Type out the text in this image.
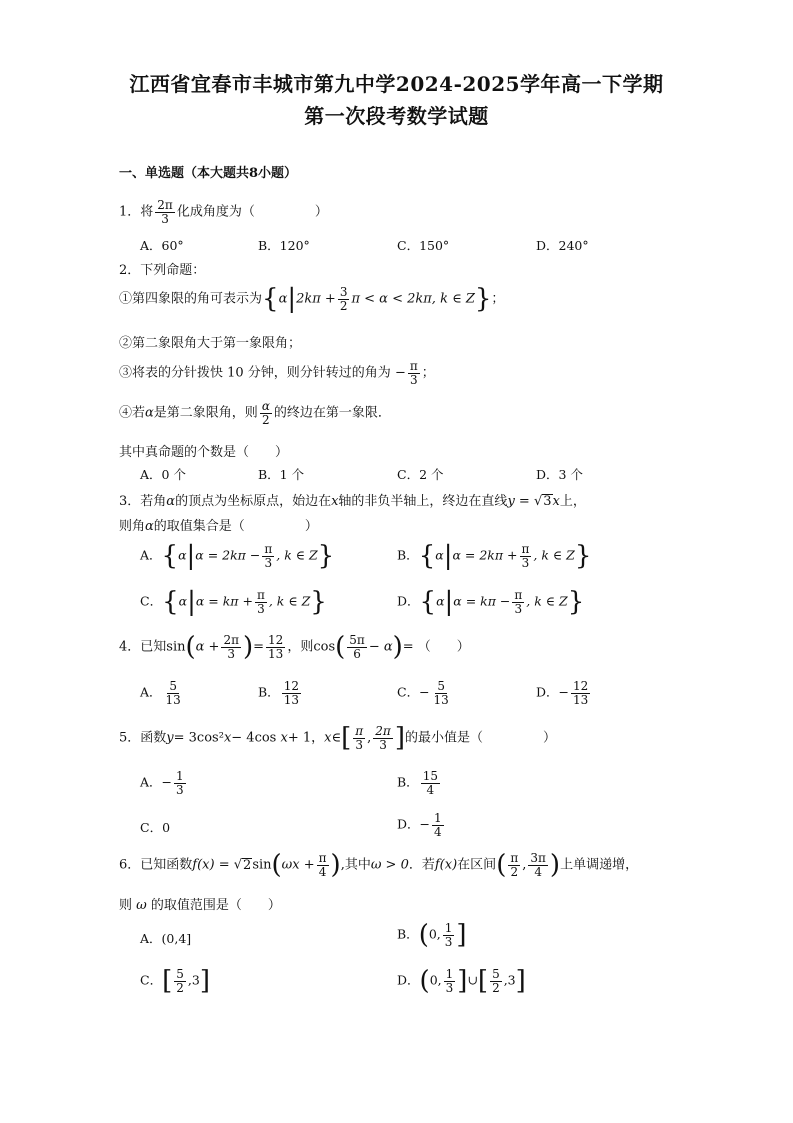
江西省宜春市丰城市第九中学2024-2025学年高一下学期
第一次段考数学试题
一、单选题（本大题共8小题）
1．将 $\frac{2\pi}{3}$ 化成角度为（	）
A．60°	B．120°	C．150°	D．240°
2．下列命题：
①第四象限的角可表示为{$\alpha|2k\pi + \frac{3}{2}$ π < α < 2kπ, k ∈ Z}；
②第二象限角大于第一象限角；
③将表的分针拨快 10 分钟，则分针转过的角为 − $\frac{\pi}{3}$ ；
④若α是第二象限角，则 $\frac{\alpha}{2}$ 的终边在第一象限．
其中真命题的个数是（　　）
A．0 个	B．1 个	C．2 个	D．3 个
3．若角α的顶点为坐标原点，始边在x轴的非负半轴上，终边在直线y = √3x上，
则角α的取值集合是（	）
A．{$\alpha|\alpha = 2k\pi - \frac{\pi}{3}$ , k ∈ Z}	B．{$\alpha|\alpha = 2k\pi + \frac{\pi}{3}$ , k ∈ Z}
C．{$\alpha|\alpha = k\pi + \frac{\pi}{3}$ , k ∈ Z}	D．{$\alpha|\alpha = k\pi - \frac{\pi}{3}$ , k ∈ Z}
4．已知$\sin(\alpha + \frac{2\pi}{3}$ )= $\frac{12}{13}$ ，则$\cos( \frac{5\pi}{6} - \alpha)=$ （　　）
A． $\frac{5}{13}$	B． $\frac{12}{13}$	C．− $\frac{5}{13}$	D．− $\frac{12}{13}$
5．函数y= 3cos²x− 4cos x+ 1，x∈[ $\frac{\pi}{3}$ , $\frac{2\pi}{3}$ ]的最小值是（	）
A．− $\frac{1}{3}$	B． $\frac{15}{4}$
C．0	D．− $\frac{1}{4}$
6．已知函数$f(x) = √2\sin(\omega x + \frac{\pi}{4}$ ),其中ω > 0．若f(x)在区间( $\frac{\pi}{2}$ , $\frac{3\pi}{4}$ )上单调递增，
则 ω 的取值范围是（　　）
A．(0,4]	B．(0, $\frac{1}{3}$ ]
C．[ $\frac{5}{2} ,3$]	D．(0, $\frac{1}{3}$ ]∪[ $\frac{5}{2} ,3$]
